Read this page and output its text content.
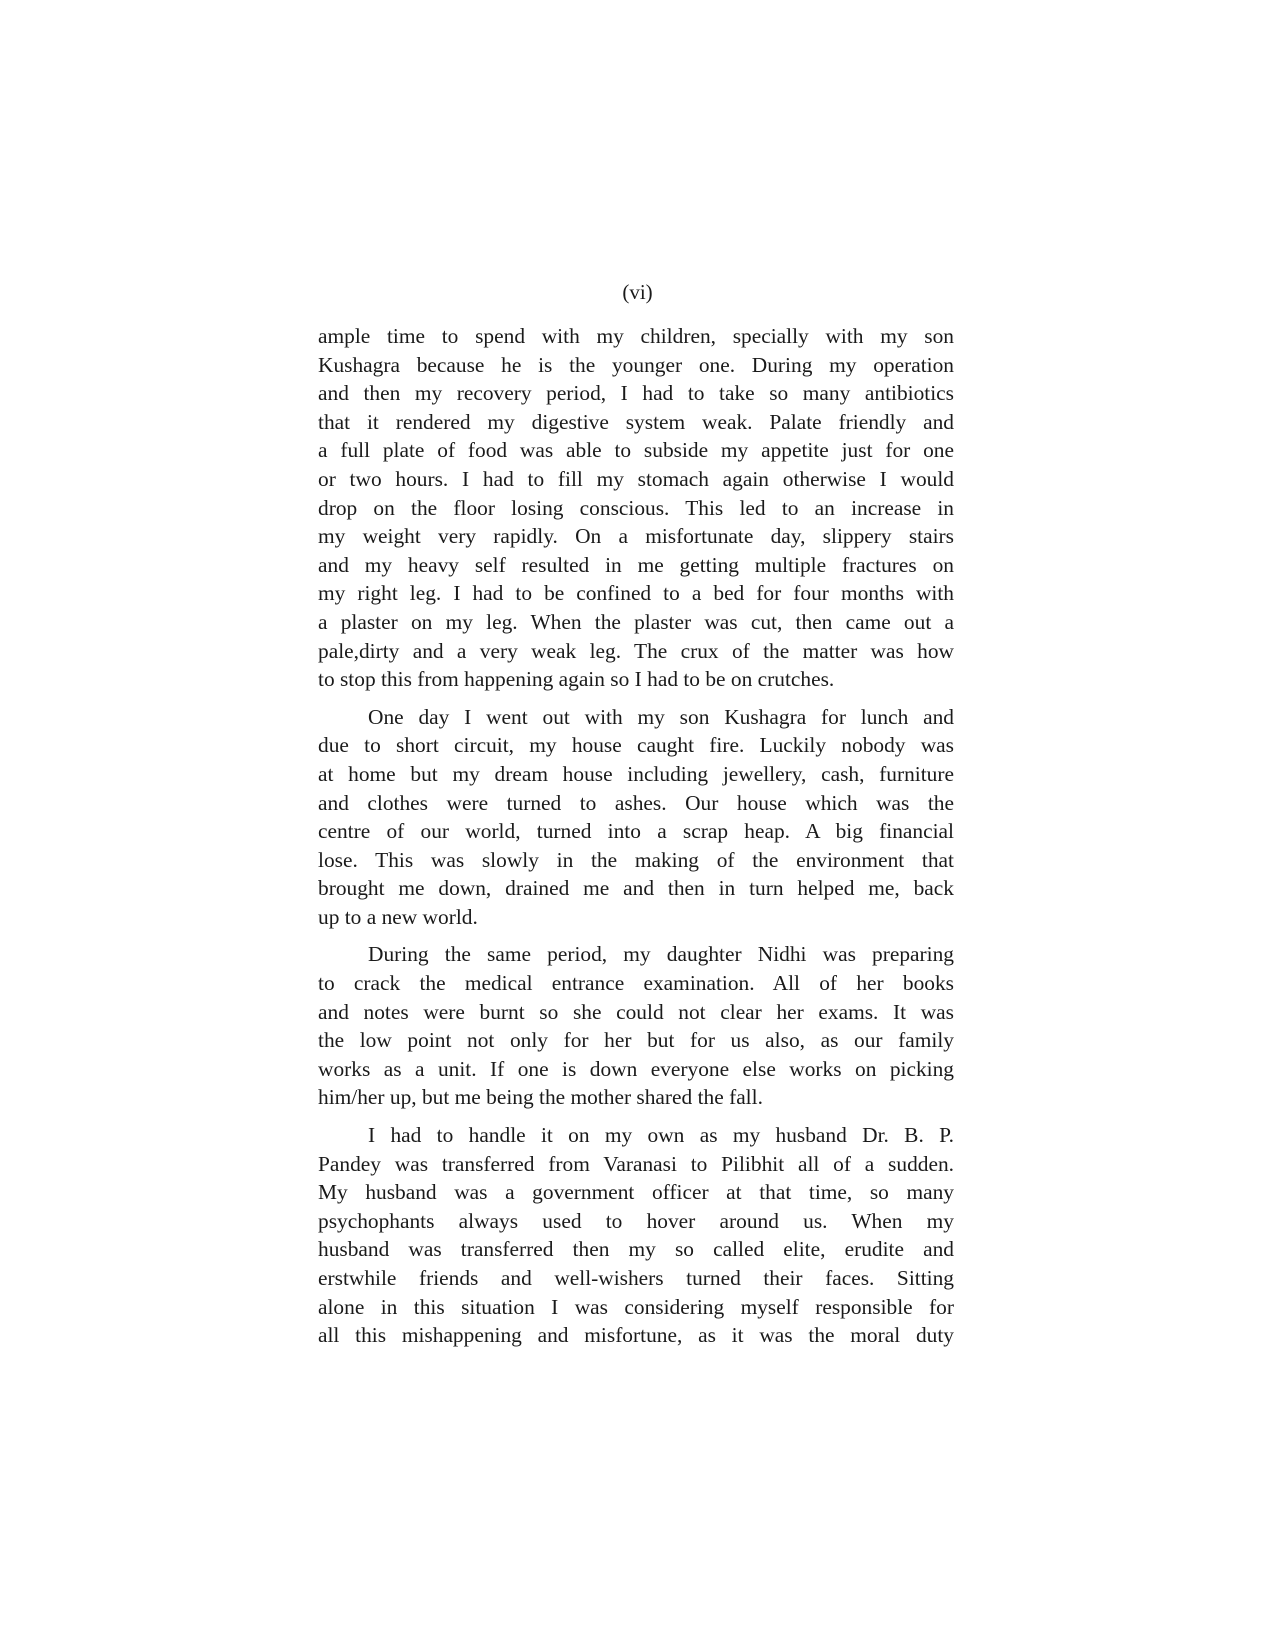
(vi)

ample time to spend with my children, specially with my son
Kushagra because he is the younger one. During my operation
and then my recovery period, I had to take so many antibiotics
that it rendered my digestive system weak. Palate friendly and
a full plate of food was able to subside my appetite just for one
or two hours. I had to fill my stomach again otherwise I would
drop on the floor losing conscious. This led to an increase in
my weight very rapidly. On a misfortunate day, slippery stairs
and my heavy self resulted in me getting multiple fractures on
my right leg. I had to be confined to a bed for four months with
a plaster on my leg. When the plaster was cut, then came out a
pale,dirty and a very weak leg. The crux of the matter was how
to stop this from happening again so I had to be on crutches.

One day I went out with my son Kushagra for lunch and
due to short circuit, my house caught fire. Luckily nobody was
at home but my dream house including jewellery, cash, furniture
and clothes were turned to ashes. Our house which was the
centre of our world, turned into a scrap heap. A big financial
lose. This was slowly in the making of the environment that
brought me down, drained me and then in turn helped me, back
up to a new world.

During the same period, my daughter Nidhi was preparing
to crack the medical entrance examination. All of her books
and notes were burnt so she could not clear her exams. It was
the low point not only for her but for us also, as our family
works as a unit. If one is down everyone else works on picking
him/her up, but me being the mother shared the fall.

I had to handle it on my own as my husband Dr. B. P.
Pandey was transferred from Varanasi to Pilibhit all of a sudden.
My husband was a government officer at that time, so many
psychophants always used to hover around us. When my
husband was transferred then my so called elite, erudite and
erstwhile friends and well-wishers turned their faces. Sitting
alone in this situation I was considering myself responsible for
all this mishappening and misfortune, as it was the moral duty
